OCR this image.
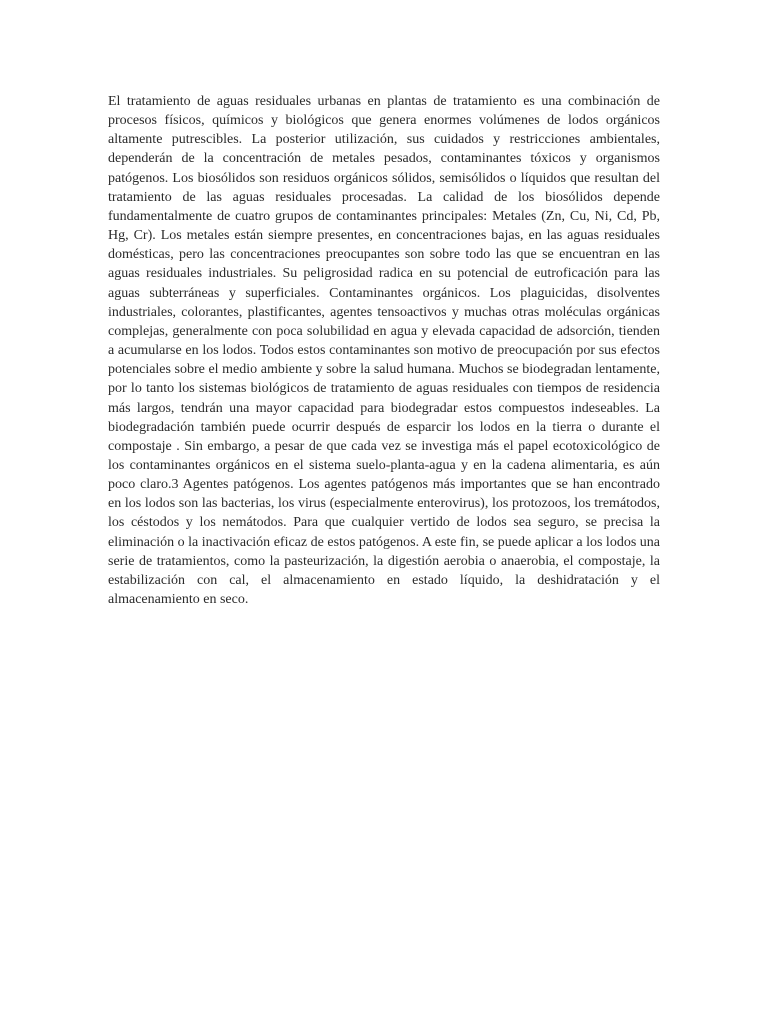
El tratamiento de aguas residuales urbanas en plantas de tratamiento es una combinación de procesos físicos, químicos y biológicos que genera enormes volúmenes de lodos orgánicos altamente putrescibles. La posterior utilización, sus cuidados y restricciones ambientales, dependerán de la concentración de metales pesados, contaminantes tóxicos y organismos patógenos. Los biosólidos son residuos orgánicos sólidos, semisólidos o líquidos que resultan del tratamiento de las aguas residuales procesadas. La calidad de los biosólidos depende fundamentalmente de cuatro grupos de contaminantes principales: Metales (Zn, Cu, Ni, Cd, Pb, Hg, Cr). Los metales están siempre presentes, en concentraciones bajas, en las aguas residuales domésticas, pero las concentraciones preocupantes son sobre todo las que se encuentran en las aguas residuales industriales. Su peligrosidad radica en su potencial de eutroficación para las aguas subterráneas y superficiales. Contaminantes orgánicos. Los plaguicidas, disolventes industriales, colorantes, plastificantes, agentes tensoactivos y muchas otras moléculas orgánicas complejas, generalmente con poca solubilidad en agua y elevada capacidad de adsorción, tienden a acumularse en los lodos. Todos estos contaminantes son motivo de preocupación por sus efectos potenciales sobre el medio ambiente y sobre la salud humana. Muchos se biodegradan lentamente, por lo tanto los sistemas biológicos de tratamiento de aguas residuales con tiempos de residencia más largos, tendrán una mayor capacidad para biodegradar estos compuestos indeseables. La biodegradación también puede ocurrir después de esparcir los lodos en la tierra o durante el compostaje . Sin embargo, a pesar de que cada vez se investiga más el papel ecotoxicológico de los contaminantes orgánicos en el sistema suelo-planta-agua y en la cadena alimentaria, es aún poco claro.3 Agentes patógenos. Los agentes patógenos más importantes que se han encontrado en los lodos son las bacterias, los virus (especialmente enterovirus), los protozoos, los tremátodos, los céstodos y los nemátodos. Para que cualquier vertido de lodos sea seguro, se precisa la eliminación o la inactivación eficaz de estos patógenos. A este fin, se puede aplicar a los lodos una serie de tratamientos, como la pasteurización, la digestión aerobia o anaerobia, el compostaje, la estabilización con cal, el almacenamiento en estado líquido, la deshidratación y el almacenamiento en seco.
